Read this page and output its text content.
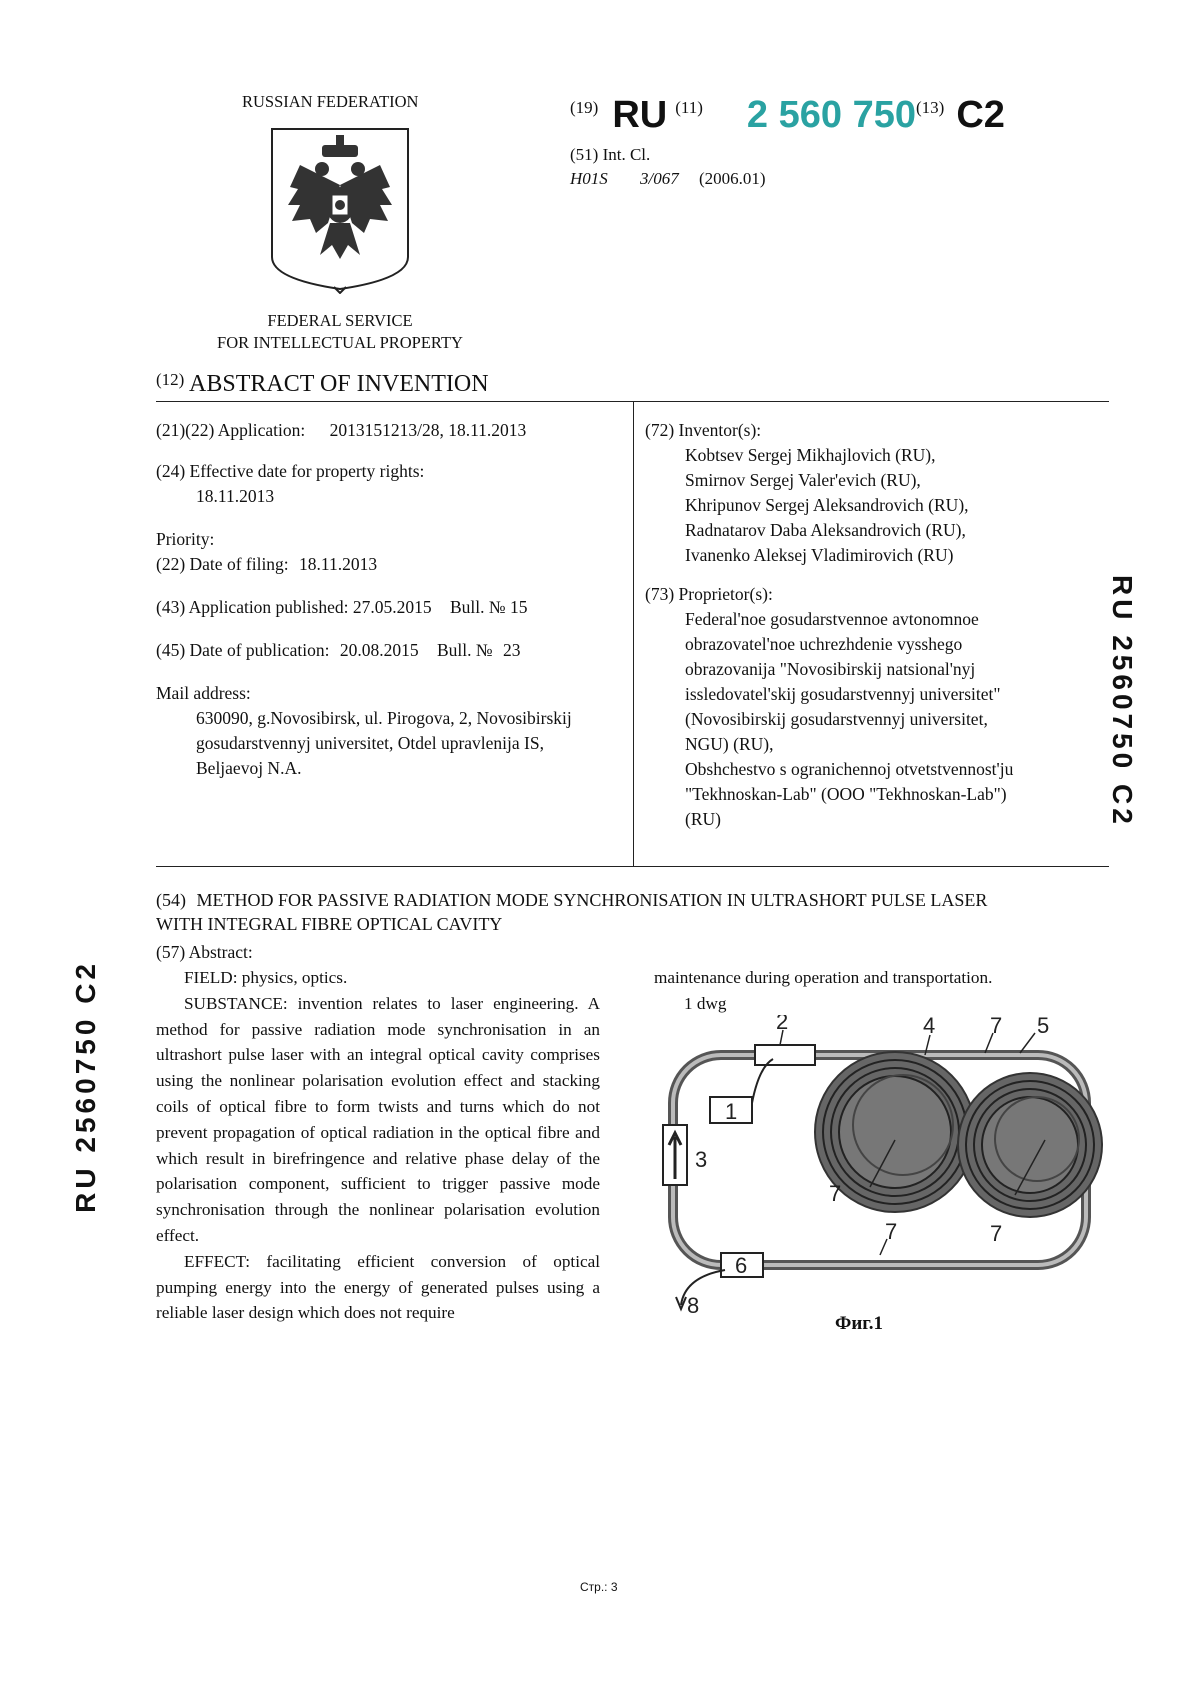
RUSSIAN FEDERATION
FEDERAL SERVICE
FOR INTELLECTUAL PROPERTY
(19) RU (11) 2 560 750(13) C2
(51) Int. Cl.
H01S 3/067 (2006.01)
$^{(12)}$ ABSTRACT OF INVENTION
(21)(22) Application: 2013151213/28, 18.11.2013
(24) Effective date for property rights:
18.11.2013
Priority:
(22) Date of filing: 18.11.2013
(43) Application published: 27.05.2015 Bull. № 15
(45) Date of publication: 20.08.2015 Bull. № 23
Mail address:
630090, g.Novosibirsk, ul. Pirogova, 2, Novosibirskij
gosudarstvennyj universitet, Otdel upravlenija IS,
Beljaevoj N.A.
(72) Inventor(s):
Kobtsev Sergej Mikhajlovich (RU),
Smirnov Sergej Valer'evich (RU),
Khripunov Sergej Aleksandrovich (RU),
Radnatarov Daba Aleksandrovich (RU),
Ivanenko Aleksej Vladimirovich (RU)
(73) Proprietor(s):
Federal'noe gosudarstvennoe avtonomnoe
obrazovatel'noe uchrezhdenie vysshego
obrazovanija "Novosibirskij natsional'nyj
issledovatel'skij gosudarstvennyj universitet"
(Novosibirskij gosudarstvennyj universitet,
NGU) (RU),
Obshchestvo s ogranichennoj otvetstvennost'ju
"Tekhnoskan-Lab" (OOO "Tekhnoskan-Lab")
(RU)
(54) METHOD FOR PASSIVE RADIATION MODE SYNCHRONISATION IN ULTRASHORT PULSE LASER
WITH INTEGRAL FIBRE OPTICAL CAVITY
(57) Abstract:

FIELD: physics, optics.

SUBSTANCE: invention relates to laser engineering. A method for passive radiation mode synchronisation in an ultrashort pulse laser with an integral optical cavity comprises using the nonlinear polarisation evolution effect and stacking coils of optical fibre to form twists and turns which do not prevent propagation of optical radiation in the optical fibre and which result in birefringence and relative phase delay of the polarisation component, sufficient to trigger passive mode synchronisation through the nonlinear polarisation evolution effect.

EFFECT: facilitating efficient conversion of optical pumping energy into the energy of generated pulses using a reliable laser design which does not require

maintenance during operation and transportation.
1 dwg
2	4 7 5
1
3
7
7	7
6
8
Фиг.1
RU 2560750 C2
RU 2560750 C2
Стр.: 3
